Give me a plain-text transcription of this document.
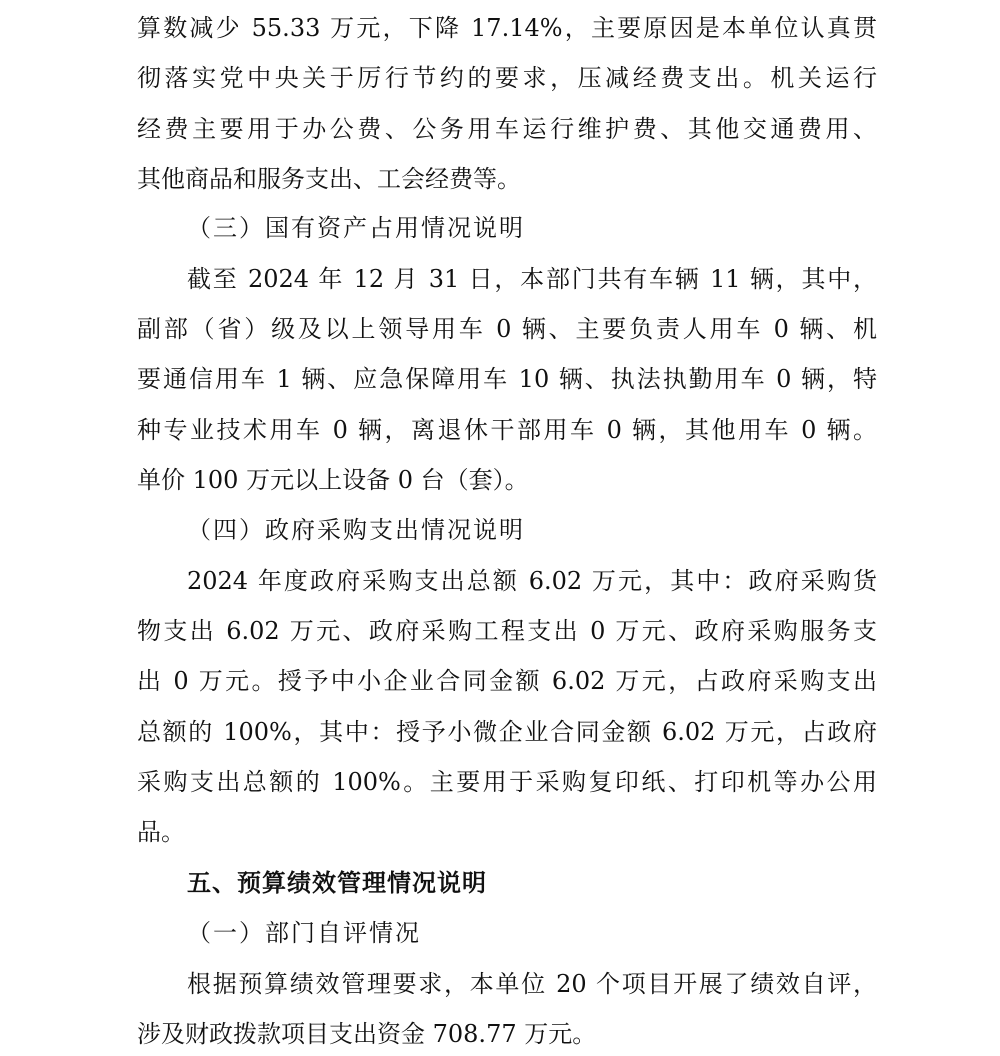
算数减少 55.33 万元，下降 17.14%，主要原因是本单位认真贯
彻落实党中央关于厉行节约的要求，压减经费支出。机关运行
经费主要用于办公费、公务用车运行维护费、其他交通费用、
其他商品和服务支出、工会经费等。
（三）国有资产占用情况说明
截至 2024 年 12 月 31 日，本部门共有车辆 11 辆，其中，
副部（省）级及以上领导用车 0 辆、主要负责人用车 0 辆、机
要通信用车 1 辆、应急保障用车 10 辆、执法执勤用车 0 辆，特
种专业技术用车 0 辆，离退休干部用车 0 辆，其他用车 0 辆。
单价 100 万元以上设备 0 台（套）。
（四）政府采购支出情况说明
2024 年度政府采购支出总额 6.02 万元，其中：政府采购货
物支出 6.02 万元、政府采购工程支出 0 万元、政府采购服务支
出 0 万元。授予中小企业合同金额 6.02 万元，占政府采购支出
总额的 100%，其中：授予小微企业合同金额 6.02 万元，占政府
采购支出总额的 100%。主要用于采购复印纸、打印机等办公用
品。
五、预算绩效管理情况说明
（一）部门自评情况
根据预算绩效管理要求，本单位 20 个项目开展了绩效自评，
涉及财政拨款项目支出资金 708.77 万元。
